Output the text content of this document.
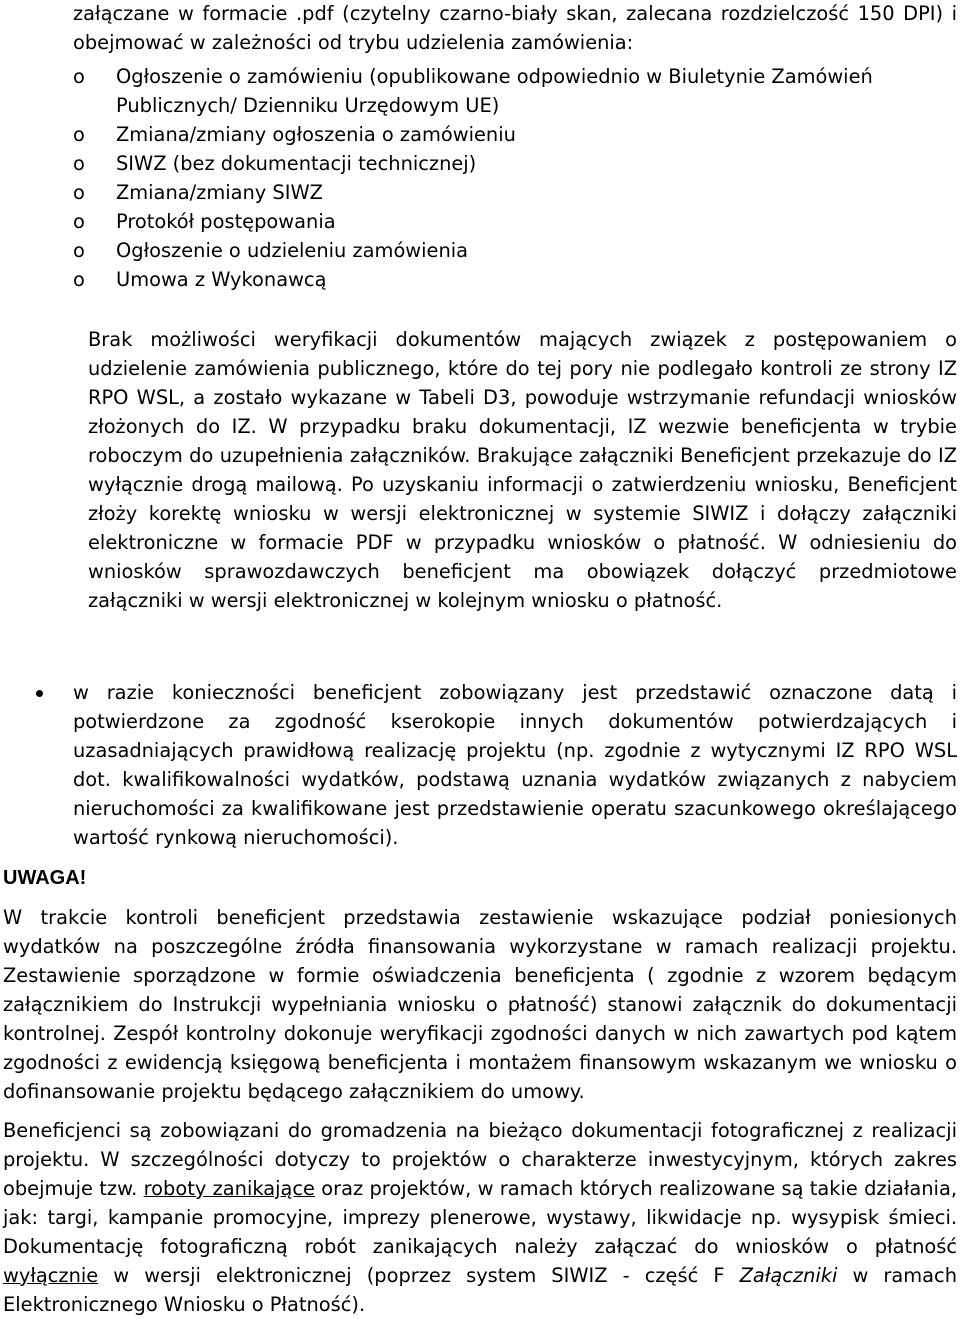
załączane w formacie .pdf (czytelny czarno-biały skan, zalecana rozdzielczość 150 DPI) i obejmować w zależności od trybu udzielenia zamówienia:

o	Ogłoszenie o zamówieniu (opublikowane odpowiednio w Biuletynie Zamówień Publicznych/ Dzienniku Urzędowym UE)
o	Zmiana/zmiany ogłoszenia o zamówieniu
o	SIWZ (bez dokumentacji technicznej)
o	Zmiana/zmiany SIWZ
o	Protokół postępowania
o	Ogłoszenie o udzieleniu zamówienia
o	Umowa z Wykonawcą

Brak możliwości weryfikacji dokumentów mających związek z postępowaniem o udzielenie zamówienia publicznego, które do tej pory nie podlegało kontroli ze strony IZ RPO WSL, a zostało wykazane w Tabeli D3, powoduje wstrzymanie refundacji wniosków złożonych do IZ. W przypadku braku dokumentacji, IZ wezwie beneficjenta w trybie roboczym do uzupełnienia załączników. Brakujące załączniki Beneficjent przekazuje do IZ wyłącznie drogą mailową. Po uzyskaniu informacji o zatwierdzeniu wniosku, Beneficjent złoży korektę wniosku w wersji elektronicznej w systemie SIWIZ i dołączy załączniki elektroniczne w formacie PDF w przypadku wniosków o płatność. W odniesieniu do wniosków sprawozdawczych beneficjent ma obowiązek dołączyć przedmiotowe załączniki w wersji elektronicznej w kolejnym wniosku o płatność.

w razie konieczności beneficjent zobowiązany jest przedstawić oznaczone datą i potwierdzone za zgodność kserokopie innych dokumentów potwierdzających i uzasadniających prawidłową realizację projektu (np. zgodnie z wytycznymi IZ RPO WSL dot. kwalifikowalności wydatków, podstawą uznania wydatków związanych z nabyciem nieruchomości za kwalifikowane jest przedstawienie operatu szacunkowego określającego wartość rynkową nieruchomości).

UWAGA!

W trakcie kontroli beneficjent przedstawia zestawienie wskazujące podział poniesionych wydatków na poszczególne źródła finansowania wykorzystane w ramach realizacji projektu. Zestawienie sporządzone w formie oświadczenia beneficjenta ( zgodnie z wzorem będącym załącznikiem do Instrukcji wypełniania wniosku o płatność) stanowi załącznik do dokumentacji kontrolnej. Zespół kontrolny dokonuje weryfikacji zgodności danych w nich zawartych pod kątem zgodności z ewidencją księgową beneficjenta i montażem finansowym wskazanym we wniosku o dofinansowanie projektu będącego załącznikiem do umowy.

Beneficjenci są zobowiązani do gromadzenia na bieżąco dokumentacji fotograficznej z realizacji projektu. W szczególności dotyczy to projektów o charakterze inwestycyjnym, których zakres obejmuje tzw. roboty zanikające oraz projektów, w ramach których realizowane są takie działania, jak: targi, kampanie promocyjne, imprezy plenerowe, wystawy, likwidacje np. wysypisk śmieci. Dokumentację fotograficzną robót zanikających należy załączać do wniosków o płatność wyłącznie w wersji elektronicznej (poprzez system SIWIZ - część F Załączniki w ramach Elektronicznego Wniosku o Płatność).
